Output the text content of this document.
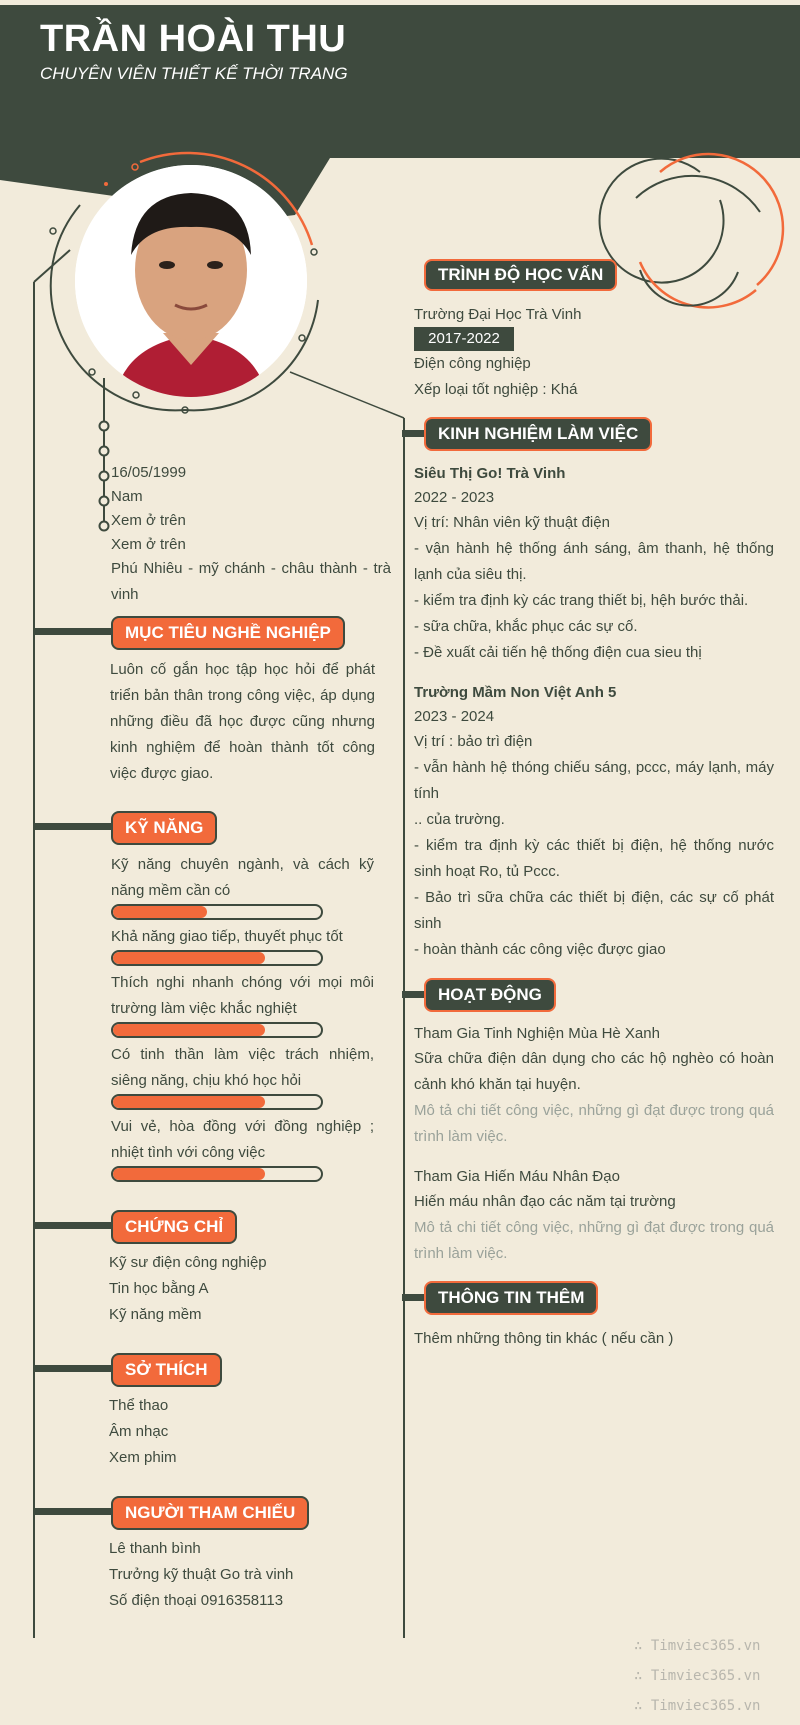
TRẦN HOÀI THU
CHUYÊN VIÊN THIẾT KẾ THỜI TRANG
16/05/1999
Nam
Xem ở trên
Xem ở trên
Phú Nhiêu - mỹ chánh - châu thành - trà vinh
MỤC TIÊU NGHỀ NGHIỆP
Luôn cố gắn học tập học hỏi để phát triển bản thân trong công việc, áp dụng những điều đã học được cũng nhưng kinh nghiệm để hoàn thành tốt công việc được giao.
KỸ NĂNG
Kỹ năng chuyên ngành, và cách kỹ năng mềm cần có
Khả năng giao tiếp, thuyết phục tốt
Thích nghi nhanh chóng với mọi môi trường làm việc khắc nghiệt
Có tinh thần làm việc trách nhiệm, siêng năng, chịu khó học hỏi
Vui vẻ, hòa đồng với đồng nghiệp ; nhiệt tình với công việc
CHỨNG CHỈ
Kỹ sư điện công nghiệp
Tin học bằng A
Kỹ năng mềm
SỞ THÍCH
Thể thao
Âm nhạc
Xem phim
NGƯỜI THAM CHIẾU
Lê thanh bình
Trưởng kỹ thuật Go trà vinh
Số điện thoại 0916358113
TRÌNH ĐỘ HỌC VẤN
Trường Đại Học Trà Vinh
2017-2022
Điện công nghiệp
Xếp loại tốt nghiệp : Khá
KINH NGHIỆM LÀM VIỆC
Siêu Thị Go! Trà Vinh
2022 - 2023
Vị trí: Nhân viên kỹ thuật điện
- vận hành hệ thống ánh sáng, âm thanh, hệ thống lạnh của siêu thị.
- kiểm tra định kỳ các trang thiết bị, hệh bước thải.
- sữa chữa, khắc phục các sự cố.
- Đề xuất cải tiến hệ thống điện cua sieu thị
Trường Mầm Non Việt Anh 5
2023 - 2024
Vị trí : bảo trì điện
- vẫn hành hệ thóng chiếu sáng, pccc, máy lạnh, máy tính
.. của trường.
- kiểm tra định kỳ các thiết bị điện, hệ thống nước sinh hoạt Ro, tủ Pccc.
- Bảo trì sữa chữa các thiết bị điện, các sự cố phát sinh
- hoàn thành các công việc được giao
HOẠT ĐỘNG
Tham Gia Tinh Nghiện Mùa Hè Xanh
Sữa chữa điện dân dụng cho các hộ nghèo có hoàn cảnh khó khăn tại huyện.
Mô tả chi tiết công việc, những gì đạt được trong quá trình làm việc.
Tham Gia Hiến Máu Nhân Đạo
Hiến máu nhân đạo các năm tại trường
Mô tả chi tiết công việc, những gì đạt được trong quá trình làm việc.
THÔNG TIN THÊM
Thêm những thông tin khác ( nếu cần )
∴ Timviec365.vn
∴ Timviec365.vn
∴ Timviec365.vn
